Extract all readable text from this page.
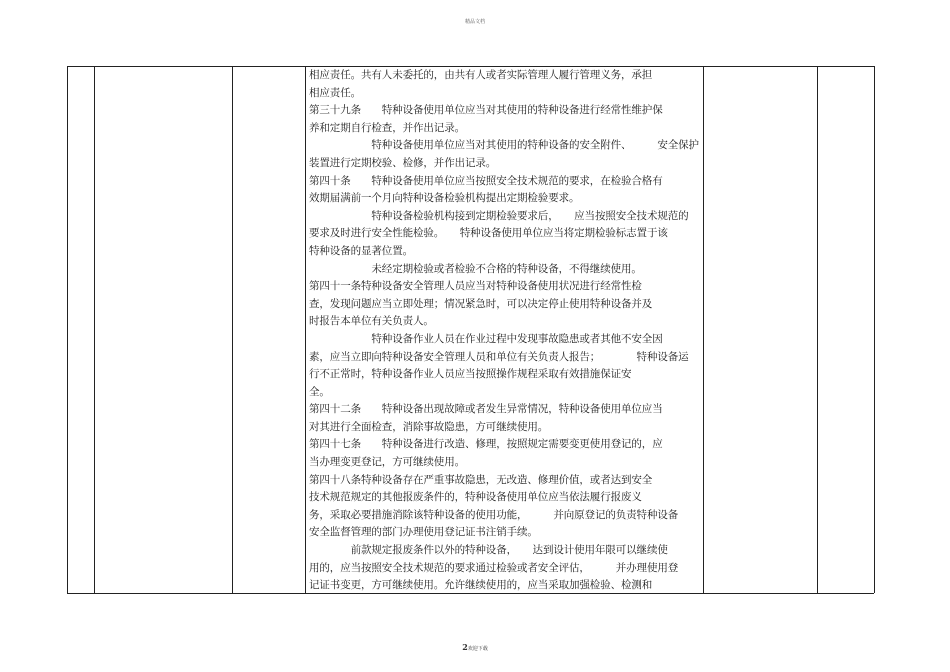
精品文档
相应责任。共有人未委托的，由共有人或者实际管理人履行管理义务，承担
相应责任。
第三十九条　　特种设备使用单位应当对其使用的特种设备进行经常性维护保
养和定期自行检查，并作出记录。
　　　　　　特种设备使用单位应当对其使用的特种设备的安全附件、　　　安全保护
装置进行定期校验、检修，并作出记录。
第四十条　　特种设备使用单位应当按照安全技术规范的要求，在检验合格有
效期届满前一个月向特种设备检验机构提出定期检验要求。
　　　　　　特种设备检验机构接到定期检验要求后，　　应当按照安全技术规范的
要求及时进行安全性能检验。　　特种设备使用单位应当将定期检验标志置于该
特种设备的显著位置。
　　　　　　未经定期检验或者检验不合格的特种设备，不得继续使用。
第四十一条特种设备安全管理人员应当对特种设备使用状况进行经常性检
查，发现问题应当立即处理；情况紧急时，可以决定停止使用特种设备并及
时报告本单位有关负责人。
　　　　　　特种设备作业人员在作业过程中发现事故隐患或者其他不安全因
素，应当立即向特种设备安全管理人员和单位有关负责人报告；　　　　特种设备运
行不正常时，特种设备作业人员应当按照操作规程采取有效措施保证安
全。
第四十二条　　特种设备出现故障或者发生异常情况，特种设备使用单位应当
对其进行全面检查，消除事故隐患，方可继续使用。
第四十七条　　特种设备进行改造、修理，按照规定需要变更使用登记的，应
当办理变更登记，方可继续使用。
第四十八条特种设备存在严重事故隐患，无改造、修理价值，或者达到安全
技术规范规定的其他报废条件的，特种设备使用单位应当依法履行报废义
务，采取必要措施消除该特种设备的使用功能，　　　并向原登记的负责特种设备
安全监督管理的部门办理使用登记证书注销手续。
　　　　前款规定报废条件以外的特种设备，　　达到设计使用年限可以继续使
用的，应当按照安全技术规范的要求通过检验或者安全评估，　　　并办理使用登
记证书变更，方可继续使用。允许继续使用的，应当采取加强检验、检测和
2欢迎下载
